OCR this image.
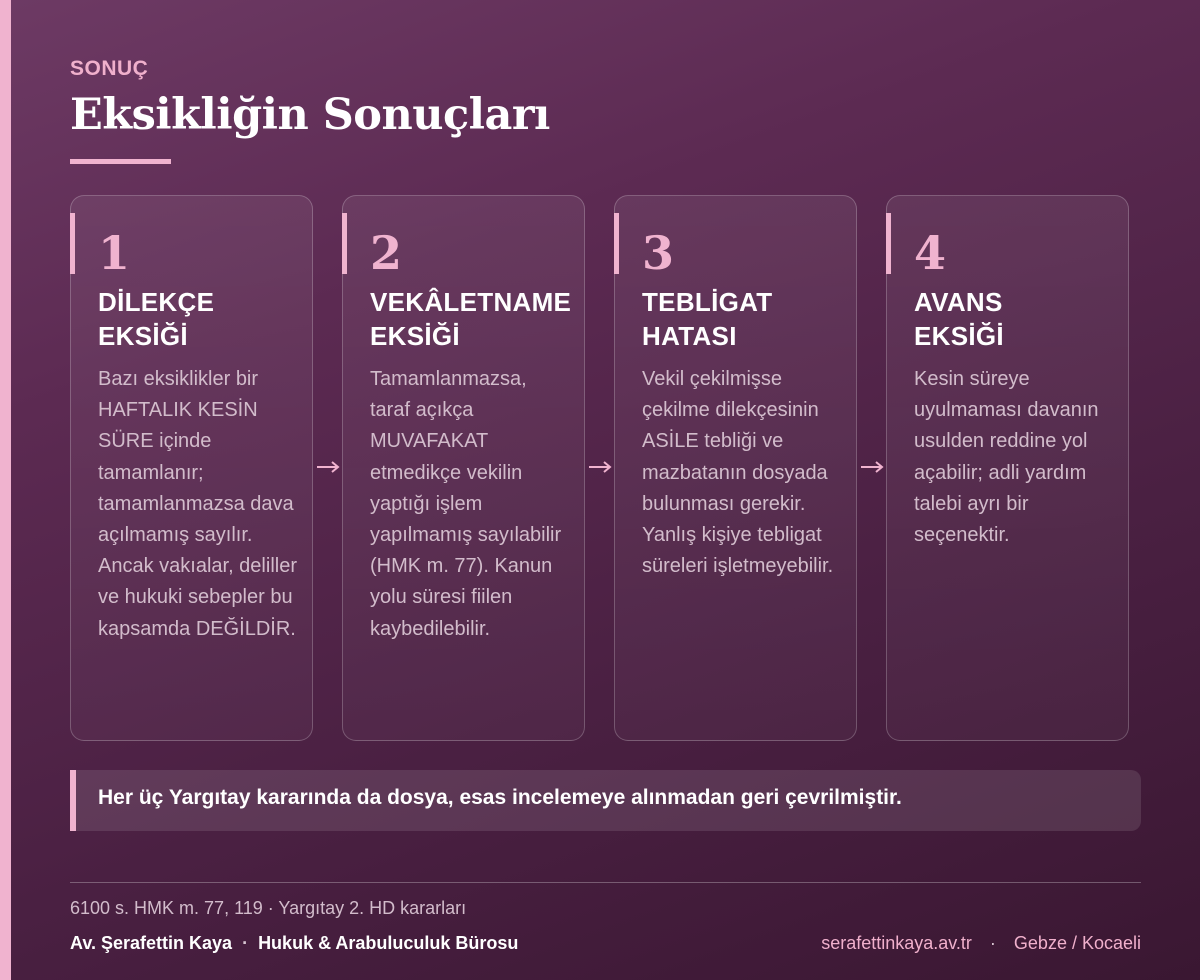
SONUÇ
Eksikliğin Sonuçları
1
DİLEKÇE
EKSİĞİ
Bazı eksiklikler bir HAFTALIK KESİN SÜRE içinde tamamlanır; tamamlanmazsa dava açılmamış sayılır. Ancak vakıalar, deliller ve hukuki sebepler bu kapsamda DEĞİLDİR.
2
VEKÂLETNAME
EKSİĞİ
Tamamlanmazsa, taraf açıkça MUVAFAKAT etmedikçe vekilin yaptığı işlem yapılmamış sayılabilir (HMK m. 77). Kanun yolu süresi fiilen kaybedilebilir.
3
TEBLİGAT
HATASI
Vekil çekilmişse çekilme dilekçesinin ASİLE tebliği ve mazbatanın dosyada bulunması gerekir. Yanlış kişiye tebligat süreleri işletmeyebilir.
4
AVANS
EKSİĞİ
Kesin süreye uyulmaması davanın usulden reddine yol açabilir; adli yardım talebi ayrı bir seçenektir.
Her üç Yargıtay kararında da dosya, esas incelemeye alınmadan geri çevrilmiştir.
6100 s. HMK m. 77, 119 · Yargıtay 2. HD kararları
Av. Şerafettin Kaya · Hukuk & Arabuluculuk Bürosu	serafettinkaya.av.tr · Gebze / Kocaeli
